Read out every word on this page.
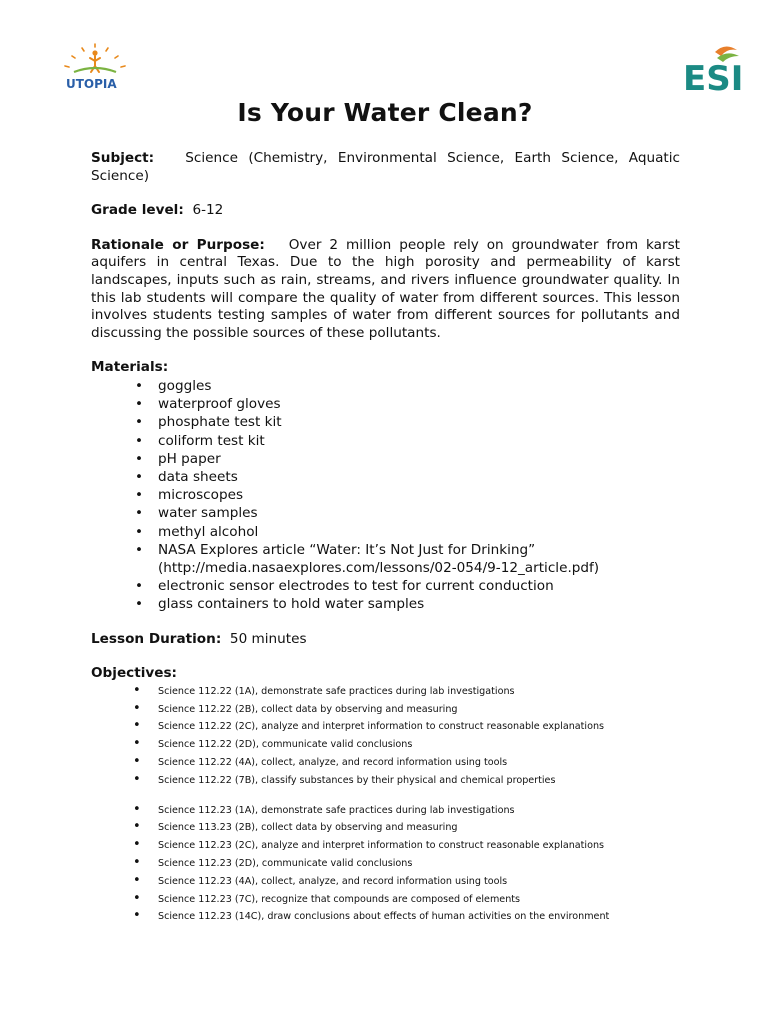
UTOPIA	ESI
Is Your Water Clean?

Subject: Science (Chemistry, Environmental Science, Earth Science, Aquatic Science)

Grade level: 6-12

Rationale or Purpose: Over 2 million people rely on groundwater from karst aquifers in central Texas. Due to the high porosity and permeability of karst landscapes, inputs such as rain, streams, and rivers influence groundwater quality. In this lab students will compare the quality of water from different sources. This lesson involves students testing samples of water from different sources for pollutants and discussing the possible sources of these pollutants.

Materials:

• goggles
• waterproof gloves
• phosphate test kit
• coliform test kit
• pH paper
• data sheets
• microscopes
• water samples
• methyl alcohol
• NASA Explores article “Water: It’s Not Just for Drinking”
(http://media.nasaexplores.com/lessons/02-054/9-12_article.pdf)
• electronic sensor electrodes to test for current conduction
• glass containers to hold water samples

Lesson Duration: 50 minutes

Objectives:

• Science 112.22 (1A), demonstrate safe practices during lab investigations
• Science 112.22 (2B), collect data by observing and measuring
• Science 112.22 (2C), analyze and interpret information to construct reasonable explanations
• Science 112.22 (2D), communicate valid conclusions
• Science 112.22 (4A), collect, analyze, and record information using tools
• Science 112.22 (7B), classify substances by their physical and chemical properties
• Science 112.23 (1A), demonstrate safe practices during lab investigations
• Science 113.23 (2B), collect data by observing and measuring
• Science 112.23 (2C), analyze and interpret information to construct reasonable explanations
• Science 112.23 (2D), communicate valid conclusions
• Science 112.23 (4A), collect, analyze, and record information using tools
• Science 112.23 (7C), recognize that compounds are composed of elements
• Science 112.23 (14C), draw conclusions about effects of human activities on the environment
